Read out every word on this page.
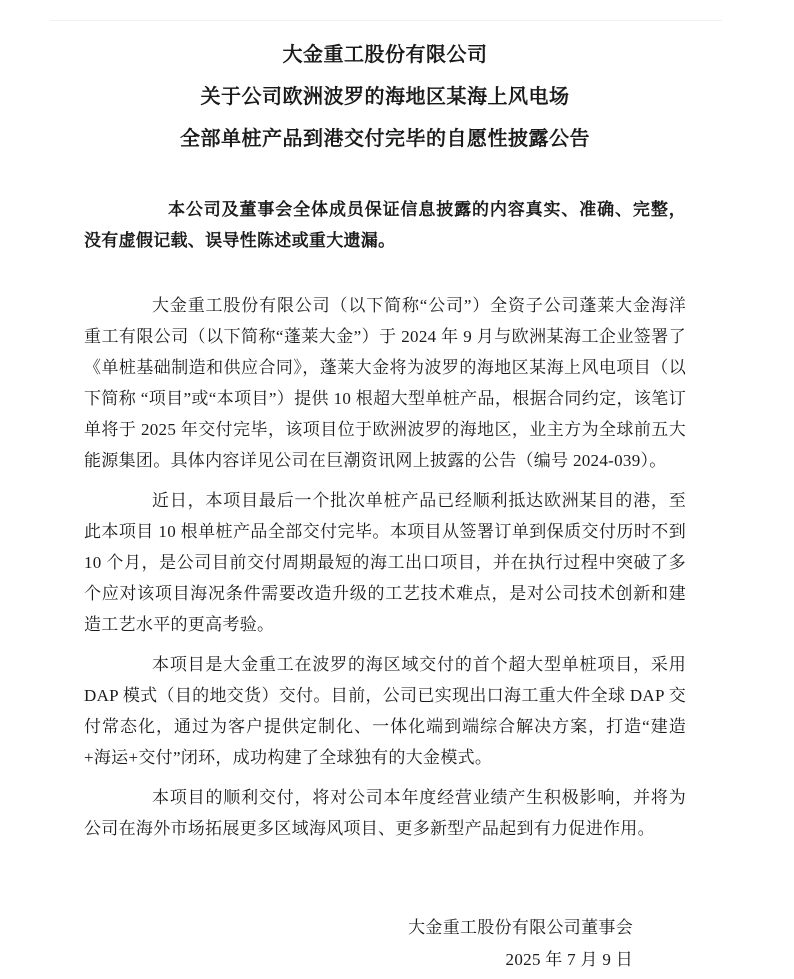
大金重工股份有限公司
关于公司欧洲波罗的海地区某海上风电场
全部单桩产品到港交付完毕的自愿性披露公告

本公司及董事会全体成员保证信息披露的内容真实、准确、完整，没有虚假记载、误导性陈述或重大遗漏。

大金重工股份有限公司（以下简称“公司”）全资子公司蓬莱大金海洋重工有限公司（以下简称“蓬莱大金”）于 2024 年 9 月与欧洲某海工企业签署了《单桩基础制造和供应合同》，蓬莱大金将为波罗的海地区某海上风电项目（以下简称 “项目”或“本项目”）提供 10 根超大型单桩产品，根据合同约定，该笔订单将于 2025 年交付完毕，该项目位于欧洲波罗的海地区，业主方为全球前五大能源集团。具体内容详见公司在巨潮资讯网上披露的公告（编号 2024-039）。

近日，本项目最后一个批次单桩产品已经顺利抵达欧洲某目的港，至此本项目 10 根单桩产品全部交付完毕。本项目从签署订单到保质交付历时不到 10 个月，是公司目前交付周期最短的海工出口项目，并在执行过程中突破了多个应对该项目海况条件需要改造升级的工艺技术难点，是对公司技术创新和建造工艺水平的更高考验。

本项目是大金重工在波罗的海区域交付的首个超大型单桩项目，采用 DAP 模式（目的地交货）交付。目前，公司已实现出口海工重大件全球 DAP 交付常态化，通过为客户提供定制化、一体化端到端综合解决方案，打造“建造+海运+交付”闭环，成功构建了全球独有的大金模式。

本项目的顺利交付，将对公司本年度经营业绩产生积极影响，并将为公司在海外市场拓展更多区域海风项目、更多新型产品起到有力促进作用。

大金重工股份有限公司董事会
2025 年 7 月 9 日
